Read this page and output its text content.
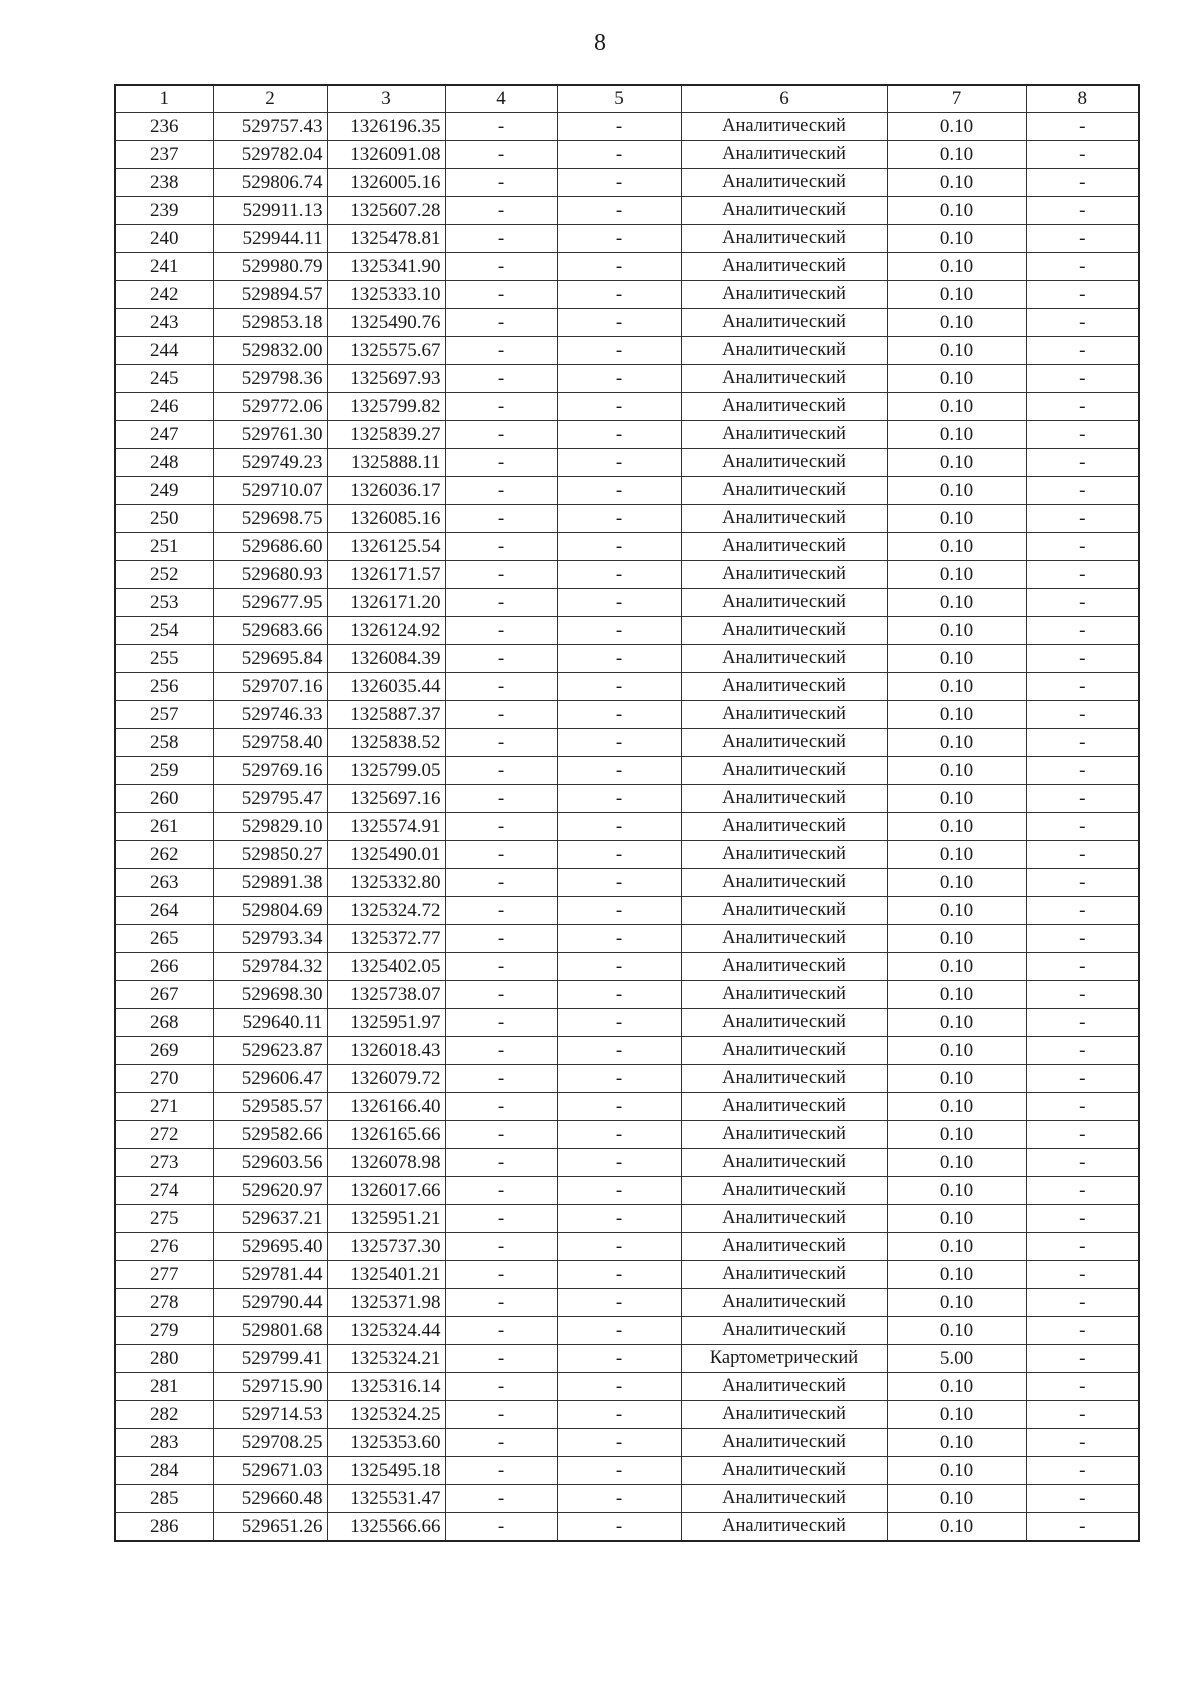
8
1	2	3	4	5	6	7	8
236	529757.43	1326196.35	-	-	Аналитический	0.10	-
237	529782.04	1326091.08	-	-	Аналитический	0.10	-
238	529806.74	1326005.16	-	-	Аналитический	0.10	-
239	529911.13	1325607.28	-	-	Аналитический	0.10	-
240	529944.11	1325478.81	-	-	Аналитический	0.10	-
241	529980.79	1325341.90	-	-	Аналитический	0.10	-
242	529894.57	1325333.10	-	-	Аналитический	0.10	-
243	529853.18	1325490.76	-	-	Аналитический	0.10	-
244	529832.00	1325575.67	-	-	Аналитический	0.10	-
245	529798.36	1325697.93	-	-	Аналитический	0.10	-
246	529772.06	1325799.82	-	-	Аналитический	0.10	-
247	529761.30	1325839.27	-	-	Аналитический	0.10	-
248	529749.23	1325888.11	-	-	Аналитический	0.10	-
249	529710.07	1326036.17	-	-	Аналитический	0.10	-
250	529698.75	1326085.16	-	-	Аналитический	0.10	-
251	529686.60	1326125.54	-	-	Аналитический	0.10	-
252	529680.93	1326171.57	-	-	Аналитический	0.10	-
253	529677.95	1326171.20	-	-	Аналитический	0.10	-
254	529683.66	1326124.92	-	-	Аналитический	0.10	-
255	529695.84	1326084.39	-	-	Аналитический	0.10	-
256	529707.16	1326035.44	-	-	Аналитический	0.10	-
257	529746.33	1325887.37	-	-	Аналитический	0.10	-
258	529758.40	1325838.52	-	-	Аналитический	0.10	-
259	529769.16	1325799.05	-	-	Аналитический	0.10	-
260	529795.47	1325697.16	-	-	Аналитический	0.10	-
261	529829.10	1325574.91	-	-	Аналитический	0.10	-
262	529850.27	1325490.01	-	-	Аналитический	0.10	-
263	529891.38	1325332.80	-	-	Аналитический	0.10	-
264	529804.69	1325324.72	-	-	Аналитический	0.10	-
265	529793.34	1325372.77	-	-	Аналитический	0.10	-
266	529784.32	1325402.05	-	-	Аналитический	0.10	-
267	529698.30	1325738.07	-	-	Аналитический	0.10	-
268	529640.11	1325951.97	-	-	Аналитический	0.10	-
269	529623.87	1326018.43	-	-	Аналитический	0.10	-
270	529606.47	1326079.72	-	-	Аналитический	0.10	-
271	529585.57	1326166.40	-	-	Аналитический	0.10	-
272	529582.66	1326165.66	-	-	Аналитический	0.10	-
273	529603.56	1326078.98	-	-	Аналитический	0.10	-
274	529620.97	1326017.66	-	-	Аналитический	0.10	-
275	529637.21	1325951.21	-	-	Аналитический	0.10	-
276	529695.40	1325737.30	-	-	Аналитический	0.10	-
277	529781.44	1325401.21	-	-	Аналитический	0.10	-
278	529790.44	1325371.98	-	-	Аналитический	0.10	-
279	529801.68	1325324.44	-	-	Аналитический	0.10	-
280	529799.41	1325324.21	-	-	Картометрический	5.00	-
281	529715.90	1325316.14	-	-	Аналитический	0.10	-
282	529714.53	1325324.25	-	-	Аналитический	0.10	-
283	529708.25	1325353.60	-	-	Аналитический	0.10	-
284	529671.03	1325495.18	-	-	Аналитический	0.10	-
285	529660.48	1325531.47	-	-	Аналитический	0.10	-
286	529651.26	1325566.66	-	-	Аналитический	0.10	-
